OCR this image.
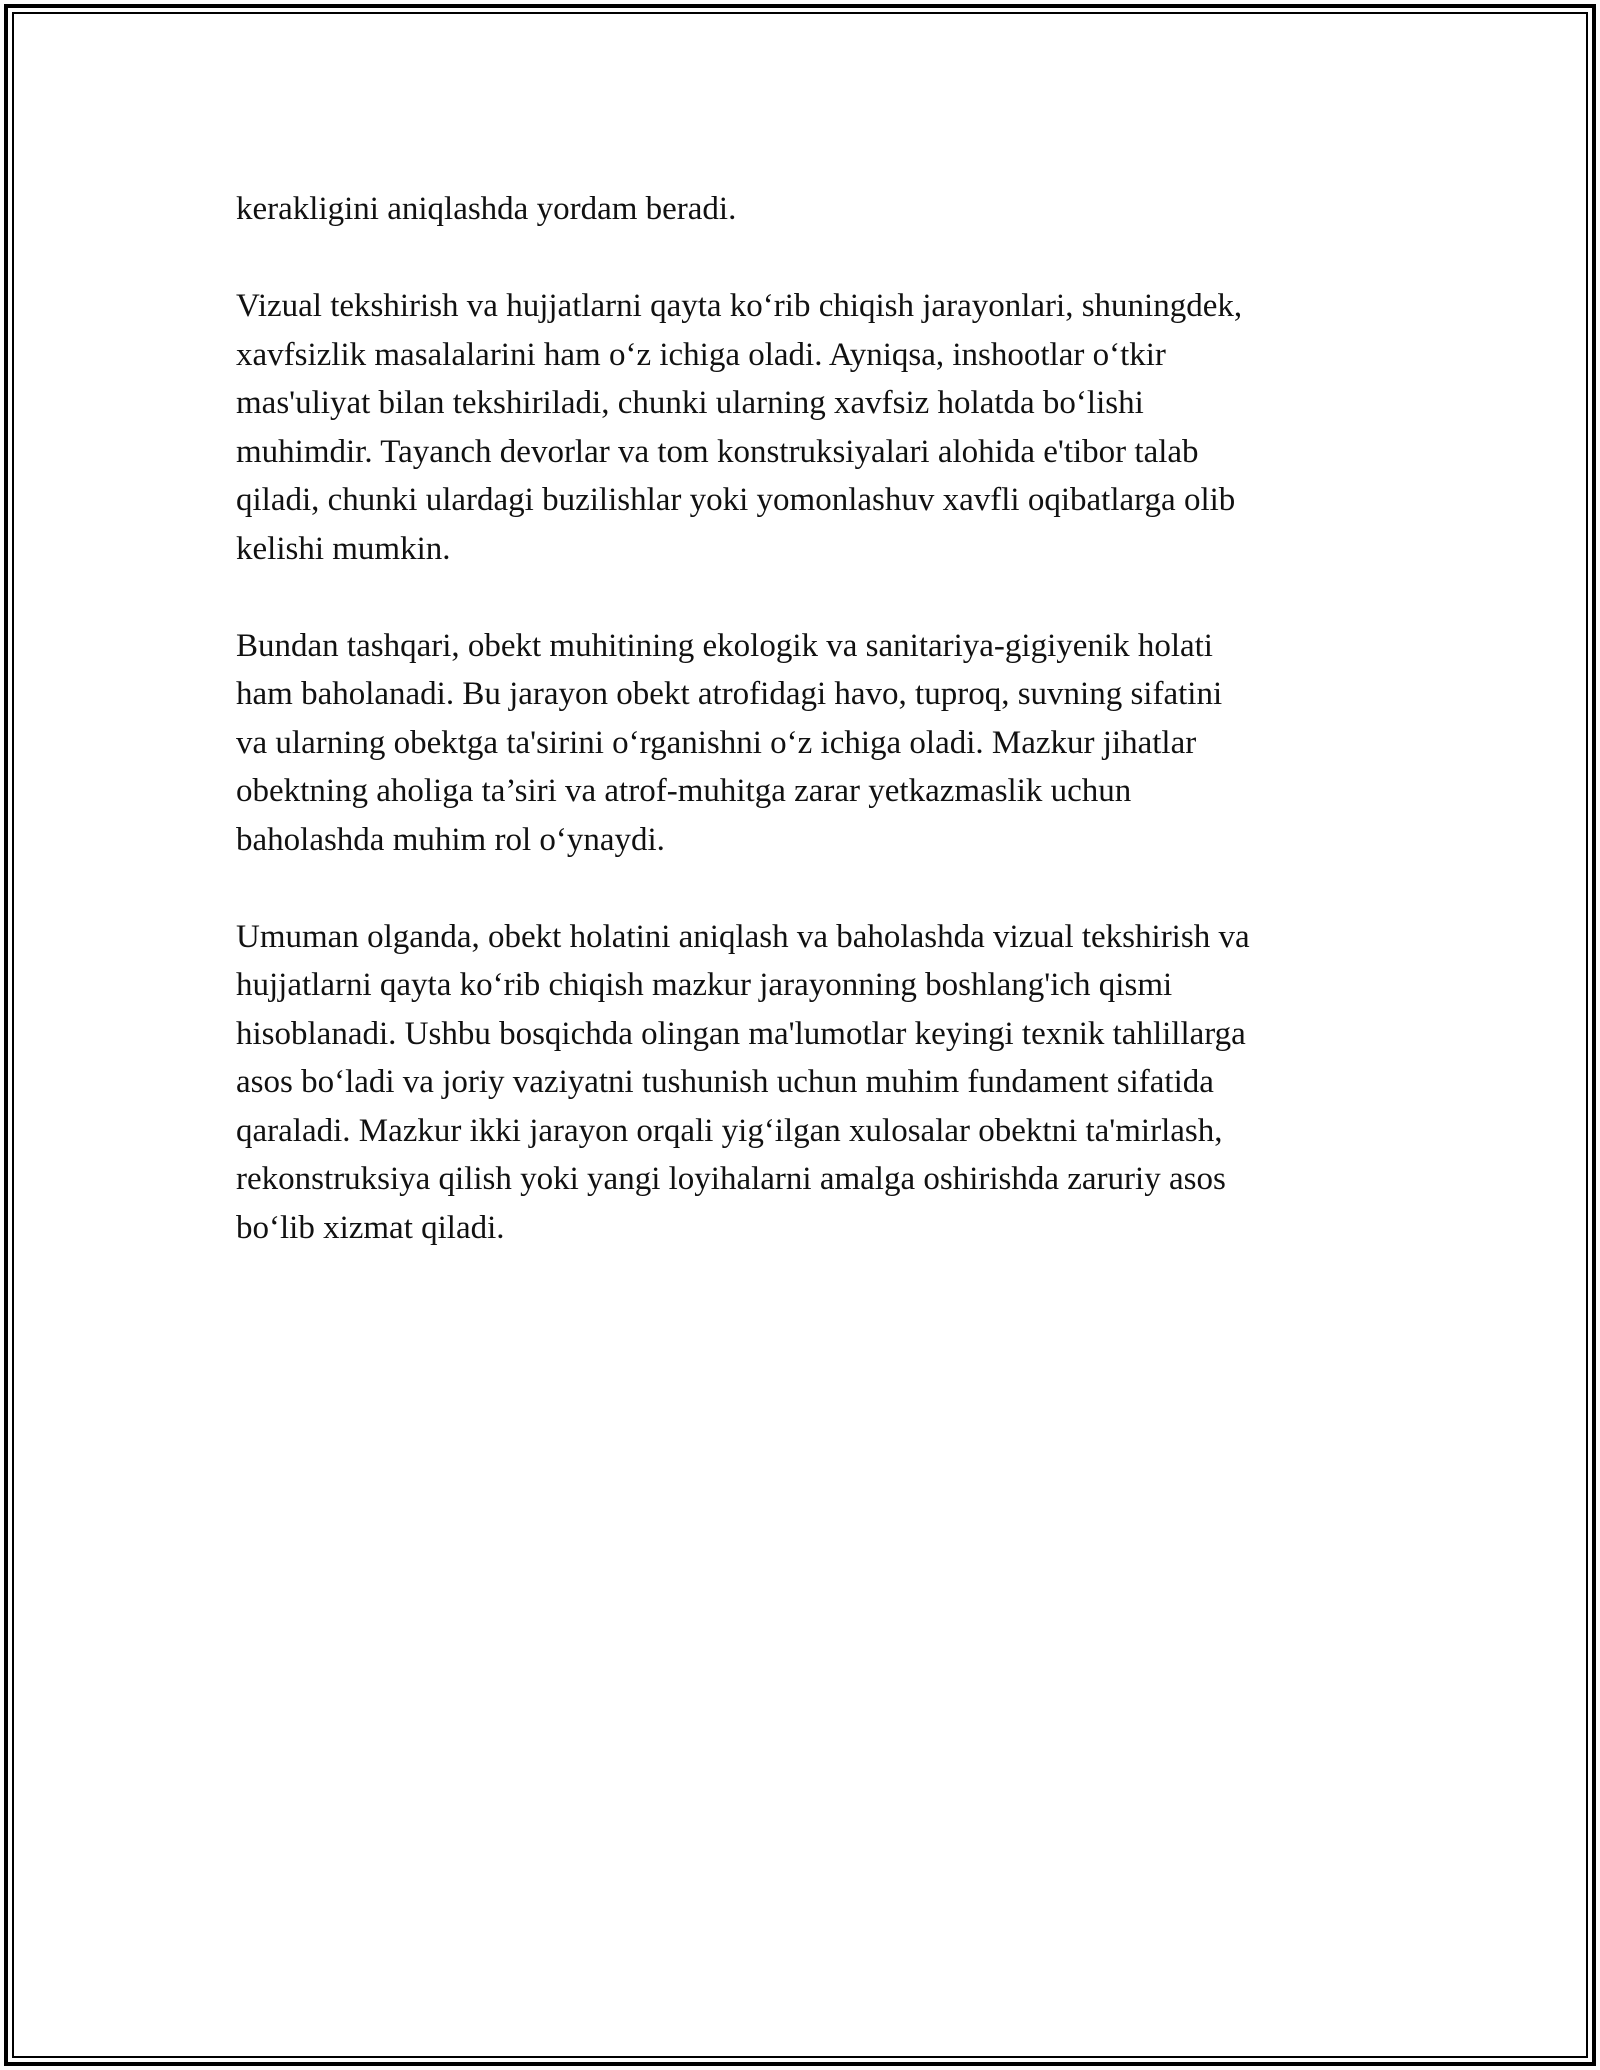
kerakligini aniqlashda yordam beradi.

Vizual tekshirish va hujjatlarni qayta ko‘rib chiqish jarayonlari, shuningdek,
xavfsizlik masalalarini ham o‘z ichiga oladi. Ayniqsa, inshootlar o‘tkir
mas'uliyat bilan tekshiriladi, chunki ularning xavfsiz holatda bo‘lishi
muhimdir. Tayanch devorlar va tom konstruksiyalari alohida e'tibor talab
qiladi, chunki ulardagi buzilishlar yoki yomonlashuv xavfli oqibatlarga olib
kelishi mumkin.

Bundan tashqari, obekt muhitining ekologik va sanitariya-gigiyenik holati
ham baholanadi. Bu jarayon obekt atrofidagi havo, tuproq, suvning sifatini
va ularning obektga ta'sirini o‘rganishni o‘z ichiga oladi. Mazkur jihatlar
obektning aholiga ta’siri va atrof-muhitga zarar yetkazmaslik uchun
baholashda muhim rol o‘ynaydi.

Umuman olganda, obekt holatini aniqlash va baholashda vizual tekshirish va
hujjatlarni qayta ko‘rib chiqish mazkur jarayonning boshlang'ich qismi
hisoblanadi. Ushbu bosqichda olingan ma'lumotlar keyingi texnik tahlillarga
asos bo‘ladi va joriy vaziyatni tushunish uchun muhim fundament sifatida
qaraladi. Mazkur ikki jarayon orqali yig‘ilgan xulosalar obektni ta'mirlash,
rekonstruksiya qilish yoki yangi loyihalarni amalga oshirishda zaruriy asos
bo‘lib xizmat qiladi.
